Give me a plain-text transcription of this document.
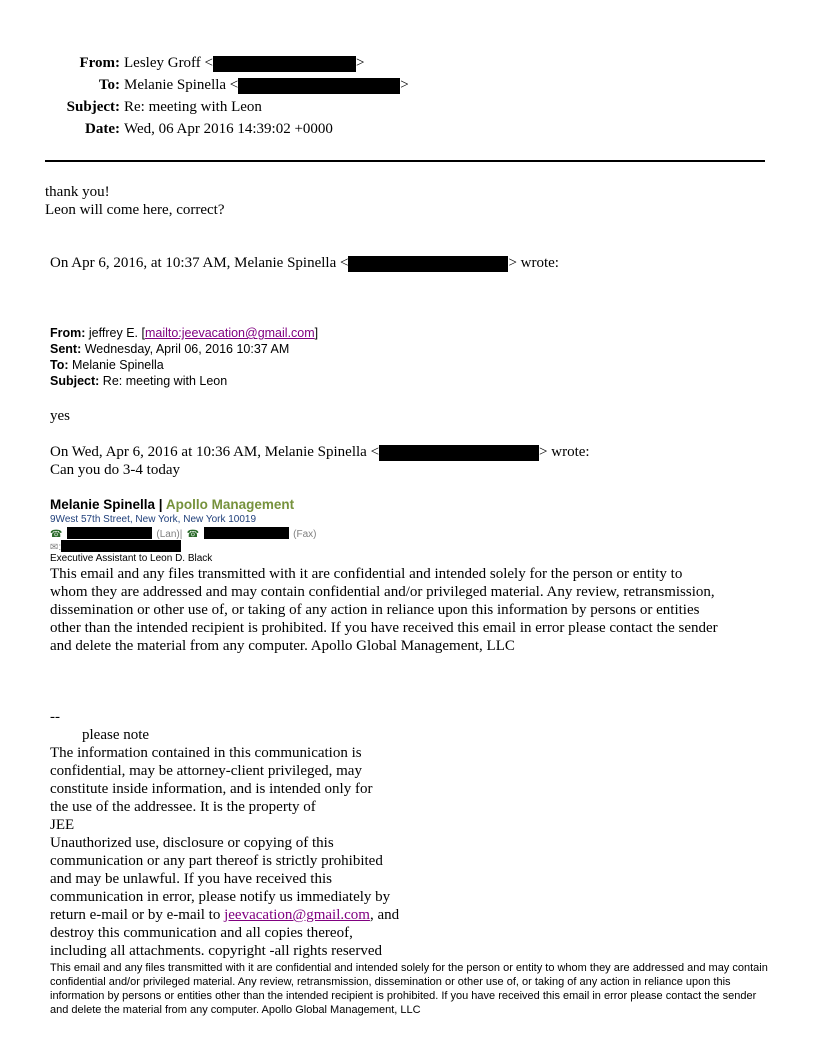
From: Lesley Groff <	>
To: Melanie Spinella <	>
Subject: Re: meeting with Leon
Date: Wed, 06 Apr 2016 14:39:02 +0000
thank you!
Leon will come here, correct?
On Apr 6, 2016, at 10:37 AM, Melanie Spinella <	> wrote:
From: jeffrey E. [mailto:jeevacation@gmail.com]
Sent: Wednesday, April 06, 2016 10:37 AM
To: Melanie Spinella
Subject: Re: meeting with Leon
yes
On Wed, Apr 6, 2016 at 10:36 AM, Melanie Spinella <	> wrote:
Can you do 3-4 today
Melanie Spinella | Apollo Management
9West 57th Street, New York, New York 10019
☎	(Lan)| ☎	(Fax)
✉:
Executive Assistant to Leon D. Black
This email and any files transmitted with it are confidential and intended solely for the person or entity to
whom they are addressed and may contain confidential and/or privileged material. Any review, retransmission,
dissemination or other use of, or taking of any action in reliance upon this information by persons or entities
other than the intended recipient is prohibited. If you have received this email in error please contact the sender
and delete the material from any computer. Apollo Global Management, LLC
--
please note
The information contained in this communication is
confidential, may be attorney-client privileged, may
constitute inside information, and is intended only for
the use of the addressee. It is the property of
JEE
Unauthorized use, disclosure or copying of this
communication or any part thereof is strictly prohibited
and may be unlawful. If you have received this
communication in error, please notify us immediately by
return e-mail or by e-mail to jeevacation@gmail.com, and
destroy this communication and all copies thereof,
including all attachments. copyright -all rights reserved
This email and any files transmitted with it are confidential and intended solely for the person or entity to whom they are addressed and may contain confidential and/or privileged material. Any review, retransmission, dissemination or other use of, or taking of any action in reliance upon this information by persons or entities other than the intended recipient is prohibited. If you have received this email in error please contact the sender and delete the material from any computer. Apollo Global Management, LLC
